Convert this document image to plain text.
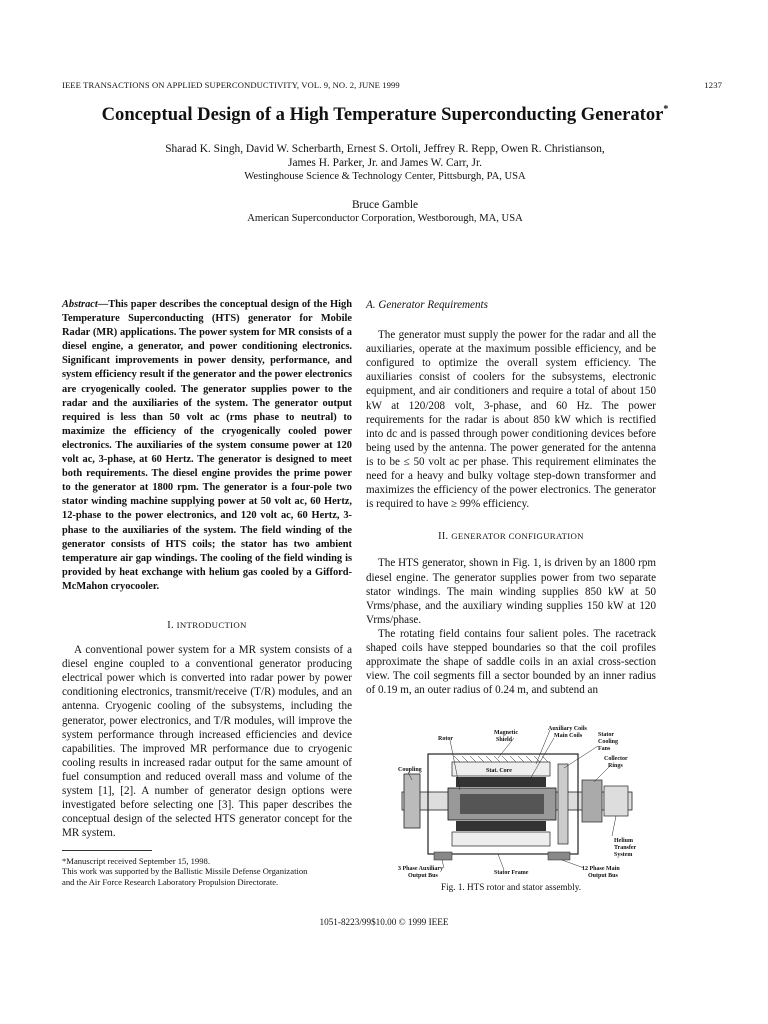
IEEE TRANSACTIONS ON APPLIED SUPERCONDUCTIVITY, VOL. 9, NO. 2, JUNE 1999	1237
Conceptual Design of a High Temperature Superconducting Generator*
Sharad K. Singh, David W. Scherbarth, Ernest S. Ortoli, Jeffrey R. Repp, Owen R. Christianson,
James H. Parker, Jr. and James W. Carr, Jr.
Westinghouse Science & Technology Center, Pittsburgh, PA, USA
Bruce Gamble
American Superconductor Corporation, Westborough, MA, USA

Abstract—This paper describes the conceptual design of the High Temperature Superconducting (HTS) generator for Mobile Radar (MR) applications. The power system for MR consists of a diesel engine, a generator, and power conditioning electronics. Significant improvements in power density, performance, and system efficiency result if the generator and the power electronics are cryogenically cooled. The generator supplies power to the radar and the auxiliaries of the system. The generator output required is less than 50 volt ac (rms phase to neutral) to maximize the efficiency of the cryogenically cooled power electronics. The auxiliaries of the system consume power at 120 volt ac, 3-phase, at 60 Hertz. The generator is designed to meet both requirements. The diesel engine provides the prime power to the generator at 1800 rpm. The generator is a four-pole two stator winding machine supplying power at 50 volt ac, 60 Hertz, 12-phase to the power electronics, and 120 volt ac, 60 Hertz, 3-phase to the auxiliaries of the system. The field winding of the generator consists of HTS coils; the stator has two ambient temperature air gap windings. The cooling of the field winding is provided by heat exchange with helium gas cooled by a Gifford-McMahon cryocooler.

I. INTRODUCTION

A conventional power system for a MR system consists of a diesel engine coupled to a conventional generator producing electrical power which is converted into radar power by power conditioning electronics, transmit/receive (T/R) modules, and an antenna. Cryogenic cooling of the subsystems, including the generator, power electronics, and T/R modules, will improve the system performance through increased efficiencies and device capabilities. The improved MR performance due to cryogenic cooling results in increased radar output for the same amount of fuel consumption and reduced overall mass and volume of the system [1], [2]. A number of generator design options were investigated before selecting one [3]. This paper describes the conceptual design of the selected HTS generator concept for the MR system.

*Manuscript received September 15, 1998.
This work was supported by the Ballistic Missile Defense Organization
and the Air Force Research Laboratory Propulsion Directorate.

A. Generator Requirements

The generator must supply the power for the radar and all the auxiliaries, operate at the maximum possible efficiency, and be configured to optimize the overall system efficiency. The auxiliaries consist of coolers for the subsystems, electronic equipment, and air conditioners and require a total of about 150 kW at 120/208 volt, 3-phase, and 60 Hz. The power requirements for the radar is about 850 kW which is rectified into dc and is passed through power conditioning devices before being used by the antenna. The power generated for the antenna is to be ≤ 50 volt ac per phase. This requirement eliminates the need for a heavy and bulky voltage step-down transformer and maximizes the efficiency of the power electronics. The generator is required to have ≥ 99% efficiency.

II. GENERATOR CONFIGURATION

The HTS generator, shown in Fig. 1, is driven by an 1800 rpm diesel engine. The generator supplies power from two separate stator windings. The main winding supplies 850 kW at 50 Vrms/phase, and the auxiliary winding supplies 150 kW at 120 Vrms/phase.

The rotating field contains four salient poles. The racetrack shaped coils have stepped boundaries so that the coil profiles approximate the shape of saddle coils in an axial cross-section view. The coil segments fill a sector bounded by an inner radius of 0.19 m, an outer radius of 0.24 m, and subtend an

Rotor
Magnetic
Shield
Auxiliary Coils
Main Coils	Stator
Cooling
Fans
Collector
Rings
Coupling	Stat. Core
Helium
Transfer
System
3 Phase Auxiliary
Output Bus	Stator Frame
12 Phase Main
Output Bus
Fig. 1. HTS rotor and stator assembly.
1051-8223/99$10.00 © 1999 IEEE
